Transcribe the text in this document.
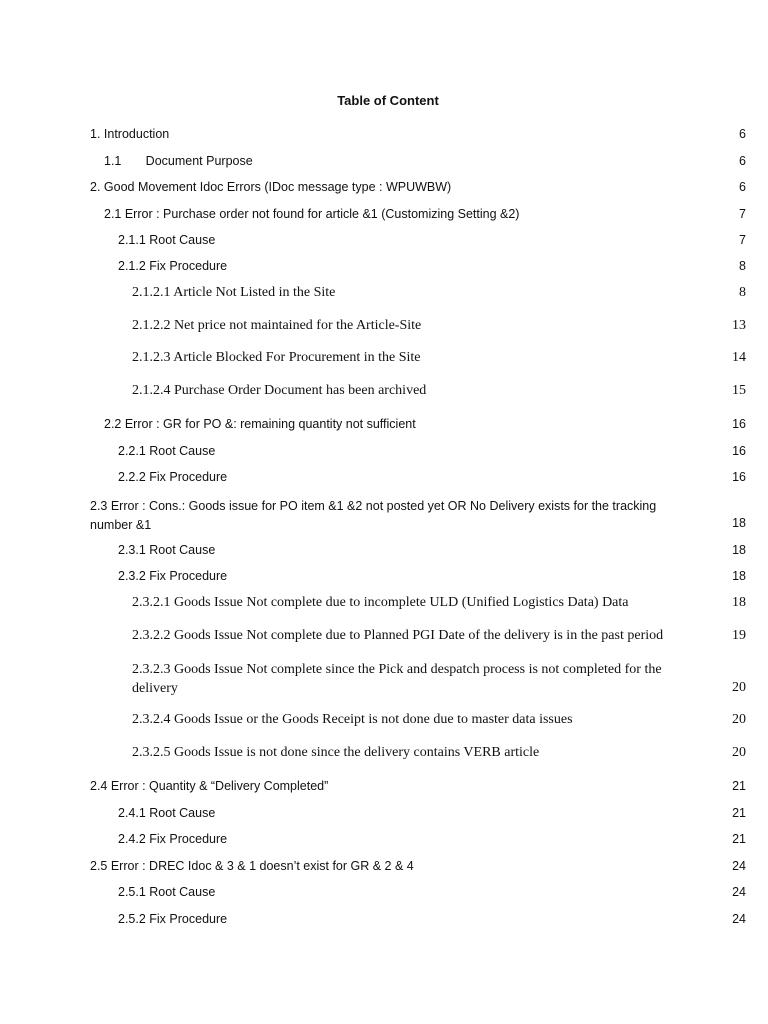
Table of Content
1. Introduction	6
1.1       Document Purpose	6
2. Good Movement Idoc Errors (IDoc message type : WPUWBW)	6
2.1 Error : Purchase order not found for article &1 (Customizing Setting &2)	7
2.1.1 Root Cause	7
2.1.2 Fix Procedure	8
2.1.2.1 Article Not Listed in the Site	8
2.1.2.2 Net price not maintained for the Article-Site	13
2.1.2.3 Article Blocked For Procurement in the Site	14
2.1.2.4 Purchase Order Document has been archived	15
2.2 Error : GR for PO &: remaining quantity not sufficient	16
2.2.1 Root Cause	16
2.2.2 Fix Procedure	16
2.3 Error : Cons.: Goods issue for PO item &1 &2 not posted yet OR No Delivery exists for the tracking number &1	18
2.3.1 Root Cause	18
2.3.2 Fix Procedure	18
2.3.2.1 Goods Issue Not complete due to incomplete ULD (Unified Logistics Data) Data	18
2.3.2.2 Goods Issue Not complete due to Planned PGI Date of the delivery is in the past period	19
2.3.2.3 Goods Issue Not complete since the Pick and despatch process is not completed for the delivery	20
2.3.2.4 Goods Issue or the Goods Receipt is not done due to master data issues	20
2.3.2.5 Goods Issue is not done since the delivery contains VERB article	20
2.4 Error : Quantity & “Delivery Completed”	21
2.4.1 Root Cause	21
2.4.2 Fix Procedure	21
2.5 Error : DREC Idoc & 3 & 1 doesn’t exist for GR & 2 & 4	24
2.5.1 Root Cause	24
2.5.2 Fix Procedure	24
